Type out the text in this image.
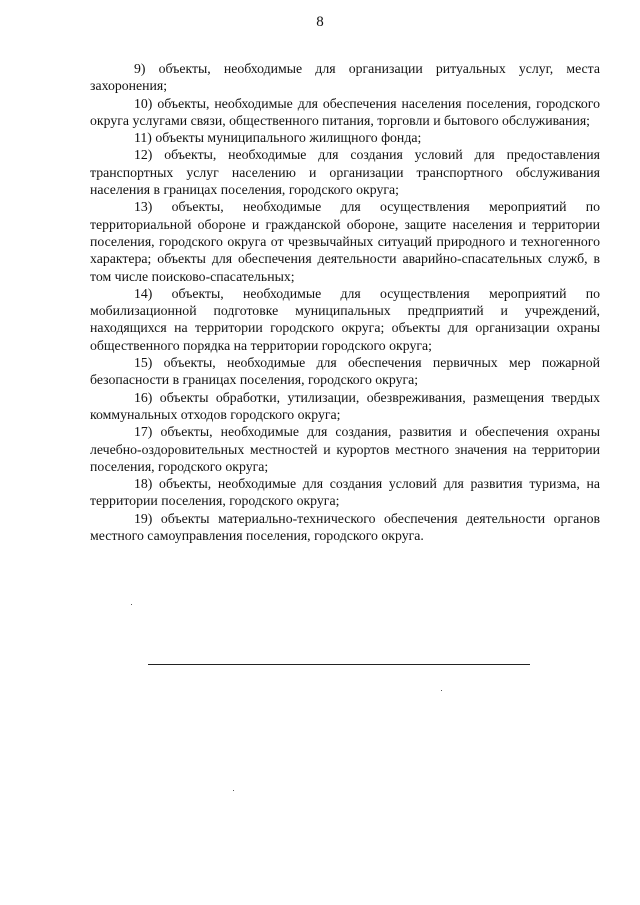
8

9) объекты, необходимые для организации ритуальных услуг, места захоронения;

10) объекты, необходимые для обеспечения населения поселения, городского округа услугами связи, общественного питания, торговли и бытового обслуживания;

11) объекты муниципального жилищного фонда;

12) объекты, необходимые для создания условий для предоставления транспортных услуг населению и организации транспортного обслуживания населения в границах поселения, городского округа;

13) объекты, необходимые для осуществления мероприятий по территориальной обороне и гражданской обороне, защите населения и территории поселения, городского округа от чрезвычайных ситуаций природного и техногенного характера; объекты для обеспечения деятельности аварийно-спасательных служб, в том числе поисково-спасательных;

14) объекты, необходимые для осуществления мероприятий по мобилизационной подготовке муниципальных предприятий и учреждений, находящихся на территории городского округа; объекты для организации охраны общественного порядка на территории городского округа;

15) объекты, необходимые для обеспечения первичных мер пожарной безопасности в границах поселения, городского округа;

16) объекты обработки, утилизации, обезвреживания, размещения твердых коммунальных отходов городского округа;

17) объекты, необходимые для создания, развития и обеспечения охраны лечебно-оздоровительных местностей и курортов местного значения на территории поселения, городского округа;

18) объекты, необходимые для создания условий для развития туризма, на территории поселения, городского округа;

19) объекты материально-технического обеспечения деятельности органов местного самоуправления поселения, городского округа.
